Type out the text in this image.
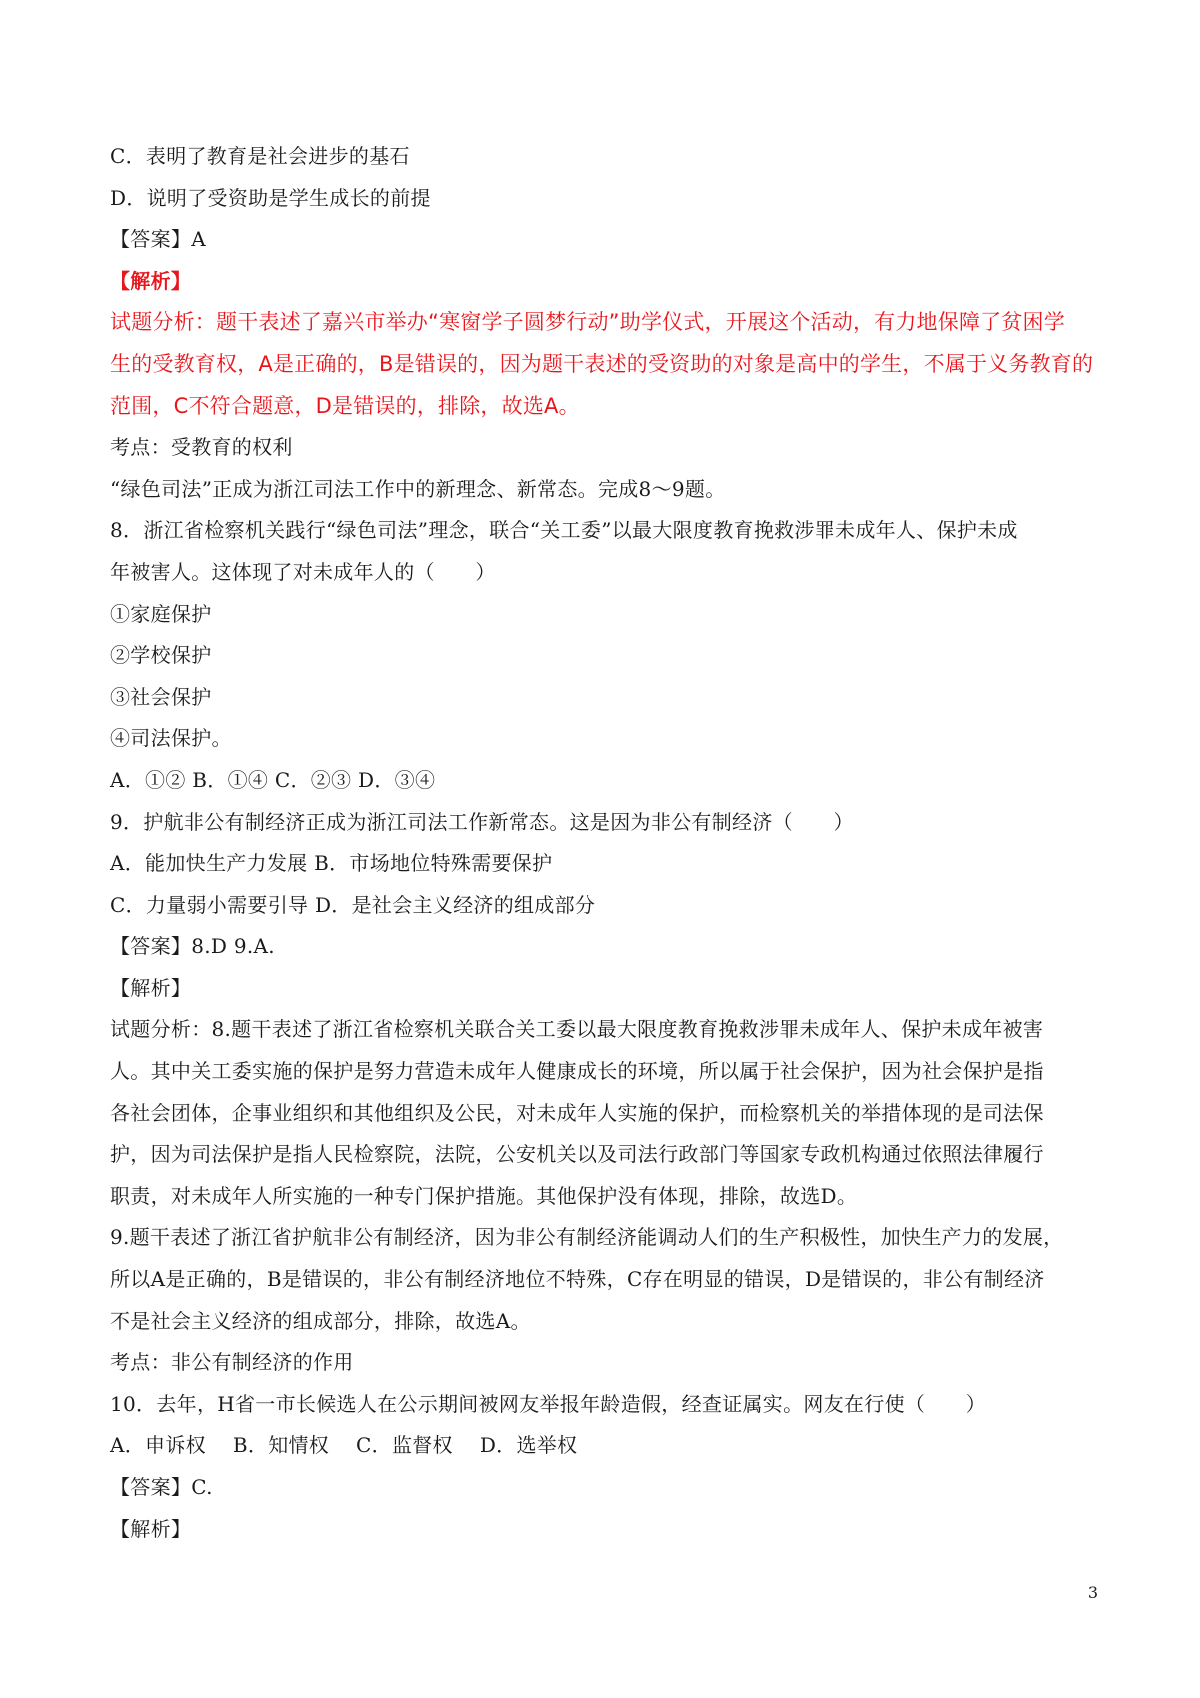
C．表明了教育是社会进步的基石
D．说明了受资助是学生成长的前提
【答案】A
【解析】
试题分析：题干表述了嘉兴市举办“寒窗学子圆梦行动”助学仪式，开展这个活动，有力地保障了贫困学
生的受教育权，A是正确的，B是错误的，因为题干表述的受资助的对象是高中的学生，不属于义务教育的
范围，C不符合题意，D是错误的，排除，故选A。
考点：受教育的权利
“绿色司法”正成为浙江司法工作中的新理念、新常态。完成8～9题。
8．浙江省检察机关践行“绿色司法”理念，联合“关工委”以最大限度教育挽救涉罪未成年人、保护未成
年被害人。这体现了对未成年人的（　　）
①家庭保护
②学校保护
③社会保护
④司法保护。
A．①② B．①④ C．②③ D．③④
9．护航非公有制经济正成为浙江司法工作新常态。这是因为非公有制经济（　　）
A．能加快生产力发展 B．市场地位特殊需要保护
C．力量弱小需要引导 D．是社会主义经济的组成部分
【答案】8.D 9.A.
【解析】
试题分析：8.题干表述了浙江省检察机关联合关工委以最大限度教育挽救涉罪未成年人、保护未成年被害
人。其中关工委实施的保护是努力营造未成年人健康成长的环境，所以属于社会保护，因为社会保护是指
各社会团体，企事业组织和其他组织及公民，对未成年人实施的保护，而检察机关的举措体现的是司法保
护，因为司法保护是指人民检察院，法院，公安机关以及司法行政部门等国家专政机构通过依照法律履行
职责，对未成年人所实施的一种专门保护措施。其他保护没有体现，排除，故选D。
9.题干表述了浙江省护航非公有制经济，因为非公有制经济能调动人们的生产积极性，加快生产力的发展，
所以A是正确的，B是错误的，非公有制经济地位不特殊，C存在明显的错误，D是错误的，非公有制经济
不是社会主义经济的组成部分，排除，故选A。
考点：非公有制经济的作用
10．去年，H省一市长候选人在公示期间被网友举报年龄造假，经查证属实。网友在行使（　　）
A．申诉权　 B．知情权　 C．监督权　 D．选举权
【答案】C.
【解析】
3
